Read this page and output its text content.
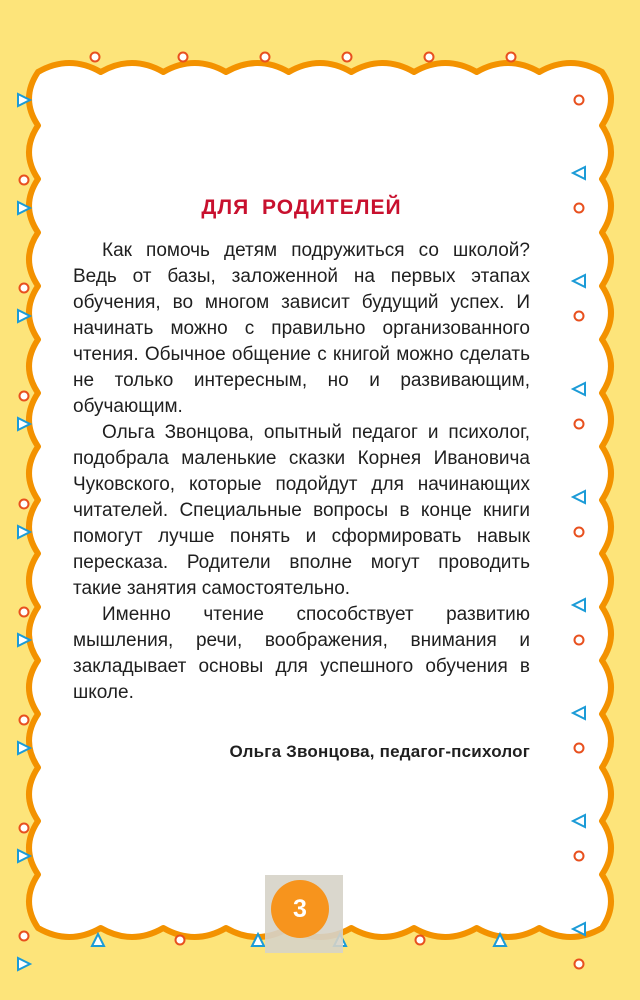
ДЛЯ РОДИТЕЛЕЙ

Как помочь детям подружиться со школой? Ведь от базы, заложенной на первых этапах обучения, во многом зависит будущий успех. И начинать можно с правильно организованного чтения. Обычное общение с книгой можно сделать не только интересным, но и развивающим, обучающим.

Ольга Звонцова, опытный педагог и психолог, подобрала маленькие сказки Корнея Ивановича Чуковского, которые подойдут для начинающих читателей. Специальные вопросы в конце книги помогут лучше понять и сформировать навык пересказа. Родители вполне могут проводить такие занятия самостоятельно.

Именно чтение способствует развитию мышления, речи, воображения, внимания и закладывает основы для успешного обучения в школе.

Ольга Звонцова, педагог-психолог
3
